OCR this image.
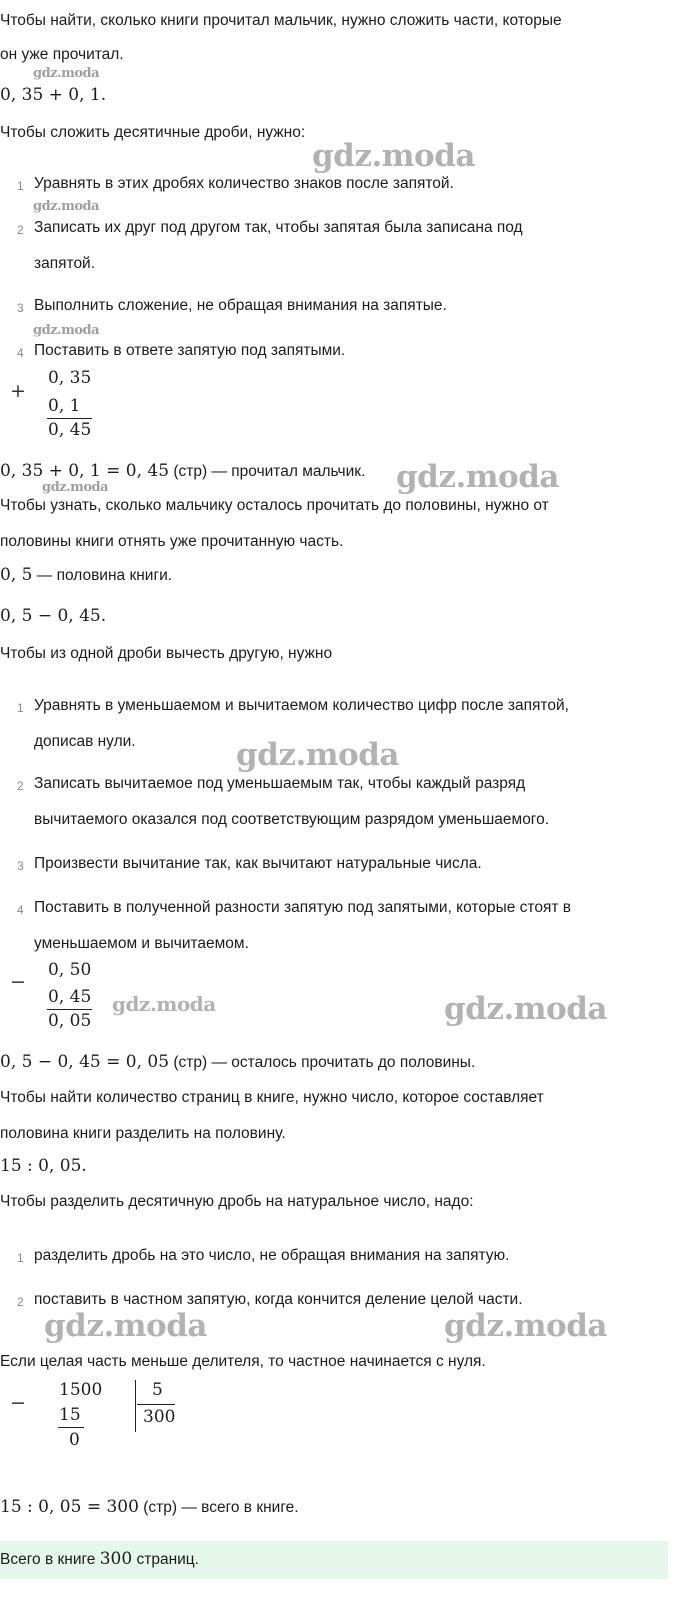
Чтобы найти, сколько книги прочитал мальчик, нужно сложить части, которые
он уже прочитал.
gdz.moda
0, 35 + 0, 1.
Чтобы сложить десятичные дроби, нужно:
gdz.moda
1 Уравнять в этих дробях количество знаков после запятой.
gdz.moda
2 Записать их друг под другом так, чтобы запятая была записана под
запятой.
3 Выполнить сложение, не обращая внимания на запятые.
gdz.moda
4 Поставить в ответе запятую под запятыми.
+
0, 35
0, 1
0, 45
0, 35 + 0, 1 = 0, 45 (стр) — прочитал мальчик. gdz.moda
gdz.moda
Чтобы узнать, сколько мальчику осталось прочитать до половины, нужно от
половины книги отнять уже прочитанную часть.
0, 5 — половина книги.
0, 5 − 0, 45.
Чтобы из одной дроби вычесть другую, нужно
1 Уравнять в уменьшаемом и вычитаемом количество цифр после запятой,
дописав нули.	gdz.moda
2 Записать вычитаемое под уменьшаемым так, чтобы каждый разряд
вычитаемого оказался под соответствующим разрядом уменьшаемого.
3 Произвести вычитание так, как вычитают натуральные числа.
4 Поставить в полученной разности запятую под запятыми, которые стоят в
уменьшаемом и вычитаемом.
−
0, 50
0, 45
0, 05
gdz.moda	gdz.moda
0, 5 − 0, 45 = 0, 05 (стр) — осталось прочитать до половины.
Чтобы найти количество страниц в книге, нужно число, которое составляет
половина книги разделить на половину.
15 : 0, 05.
Чтобы разделить десятичную дробь на натуральное число, надо:
1 разделить дробь на это число, не обращая внимания на запятую.
2 поставить в частном запятую, когда кончится деление целой части.
gdz.moda	gdz.moda
Если целая часть меньше делителя, то частное начинается с нуля.
−
1500
15
0
5
300
15 : 0, 05 = 300 (стр) — всего в книге.
Всего в книге 300 страниц.
